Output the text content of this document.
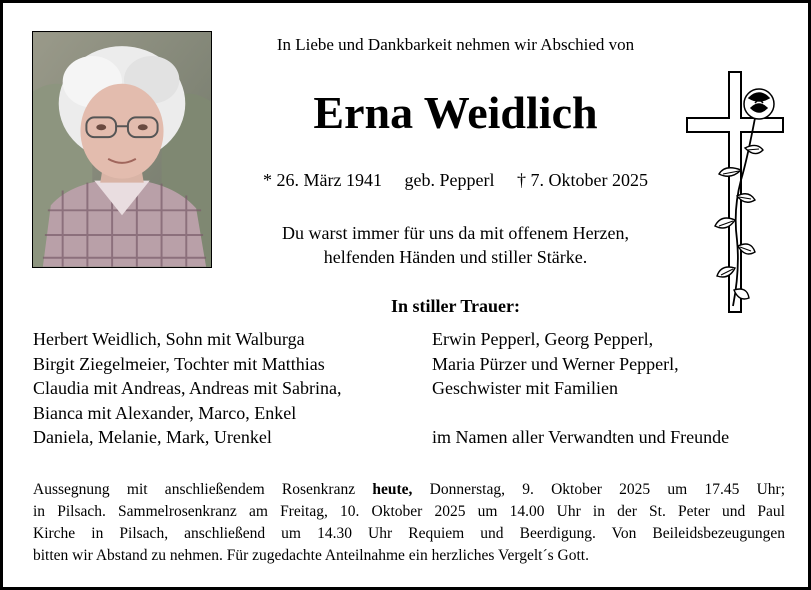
In Liebe und Dankbarkeit nehmen wir Abschied von
Erna Weidlich
* 26. März 1941 geb. Pepperl † 7. Oktober 2025
Du warst immer für uns da mit offenem Herzen,
helfenden Händen und stiller Stärke.
In stiller Trauer:
Herbert Weidlich, Sohn mit Walburga
Birgit Ziegelmeier, Tochter mit Matthias
Claudia mit Andreas, Andreas mit Sabrina,
Bianca mit Alexander, Marco, Enkel
Daniela, Melanie, Mark, Urenkel
Erwin Pepperl, Georg Pepperl,
Maria Pürzer und Werner Pepperl,
Geschwister mit Familien
im Namen aller Verwandten und Freunde
Aussegnung mit anschließendem Rosenkranz heute, Donnerstag, 9. Oktober 2025 um 17.45 Uhr;
in Pilsach. Sammelrosenkranz am Freitag, 10. Oktober 2025 um 14.00 Uhr in der St. Peter und Paul
Kirche in Pilsach, anschließend um 14.30 Uhr Requiem und Beerdigung. Von Beileidsbezeugungen
bitten wir Abstand zu nehmen. Für zugedachte Anteilnahme ein herzliches Vergelt´s Gott.
